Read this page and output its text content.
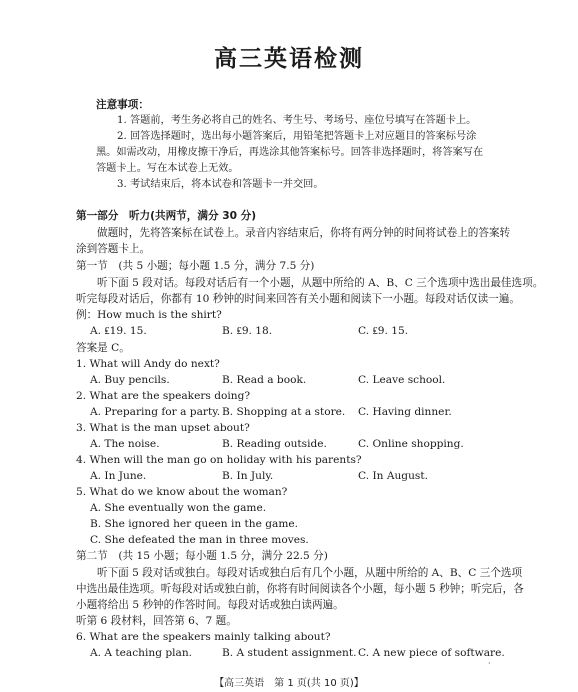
高三英语检测
注意事项：
1. 答题前，考生务必将自己的姓名、考生号、考场号、座位号填写在答题卡上。
2. 回答选择题时，选出每小题答案后，用铅笔把答题卡上对应题目的答案标号涂
黑。如需改动，用橡皮擦干净后，再选涂其他答案标号。回答非选择题时，将答案写在
答题卡上。写在本试卷上无效。
3. 考试结束后，将本试卷和答题卡一并交回。
第一部分　听力(共两节，满分 30 分)
做题时，先将答案标在试卷上。录音内容结束后，你将有两分钟的时间将试卷上的答案转
涂到答题卡上。
第一节　(共 5 小题；每小题 1.5 分，满分 7.5 分)
听下面 5 段对话。每段对话后有一个小题，从题中所给的 A、B、C 三个选项中选出最佳选项。
听完每段对话后，你都有 10 秒钟的时间来回答有关小题和阅读下一小题。每段对话仅读一遍。
例：How much is the shirt?
A. ₤19. 15.	B. ₤9. 18.	C. ₤9. 15.
答案是 C。
1. What will Andy do next?
A. Buy pencils.	B. Read a book.	C. Leave school.
2. What are the speakers doing?
A. Preparing for a party. B. Shopping at a store. C. Having dinner.
3. What is the man upset about?
A. The noise.	B. Reading outside.	C. Online shopping.
4. When will the man go on holiday with his parents?
A. In June.	B. In July.	C. In August.
5. What do we know about the woman?
A. She eventually won the game.
B. She ignored her queen in the game.
C. She defeated the man in three moves.
第二节　(共 15 小题；每小题 1.5 分，满分 22.5 分)
听下面 5 段对话或独白。每段对话或独白后有几个小题，从题中所给的 A、B、C 三个选项
中选出最佳选项。听每段对话或独白前，你将有时间阅读各个小题，每小题 5 秒钟；听完后，各
小题将给出 5 秒钟的作答时间。每段对话或独白读两遍。
听第 6 段材料，回答第 6、7 题。
6. What are the speakers mainly talking about?
A. A teaching plan.	B. A student assignment. C. A new piece of software.
·
【高三英语　第 1 页(共 10 页)】
